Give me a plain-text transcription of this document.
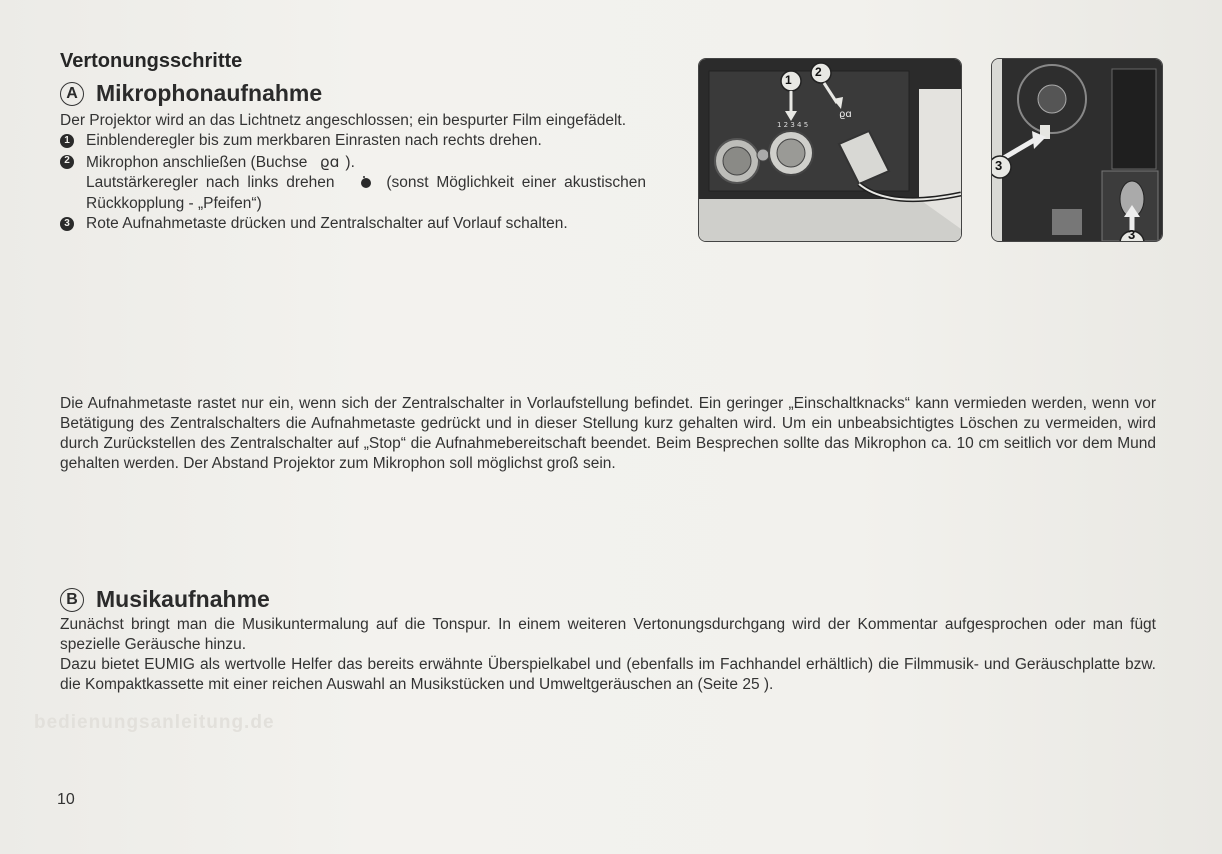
Vertonungsschritte
A Mikrophonaufnahme

Der Projektor wird an das Lichtnetz angeschlossen; ein bespurter Film eingefädelt.

1 Einblenderegler bis zum merkbaren Einrasten nach rechts drehen.
2 Mikrophon anschließen (Buchse ϱɑ ).
Lautstärkeregler nach links drehen	(sonst Möglichkeit einer akustischen Rückkopplung - „Pfeifen“)
3 Rote Aufnahmetaste drücken und Zentralschalter auf Vorlauf schalten.
1 2 3 4 5
ϱɑ
1
2
3
3

Die Aufnahmetaste rastet nur ein, wenn sich der Zentralschalter in Vorlaufstellung befindet. Ein geringer „Einschaltknacks“ kann vermieden werden, wenn vor Betätigung des Zentralschalters die Aufnahmetaste gedrückt und in dieser Stellung kurz gehalten wird. Um ein unbeabsichtigtes Löschen zu vermeiden, wird durch Zurückstellen des Zentralschalter auf „Stop“ die Aufnahmebereitschaft beendet. Beim Besprechen sollte das Mikrophon ca. 10 cm seitlich vor dem Mund gehalten werden. Der Abstand Projektor zum Mikrophon soll möglichst groß sein.

B Musikaufnahme

Zunächst bringt man die Musikuntermalung auf die Tonspur. In einem weiteren Vertonungsdurchgang wird der Kommentar aufgesprochen oder man fügt spezielle Geräusche hinzu.

Dazu bietet EUMIG als wertvolle Helfer das bereits erwähnte Überspielkabel und (ebenfalls im Fachhandel erhältlich) die Filmmusik- und Geräuschplatte bzw. die Kompaktkassette mit einer reichen Auswahl an Musikstücken und Umweltgeräuschen an (Seite 25 ).

bedienungsanleitung.de

10
